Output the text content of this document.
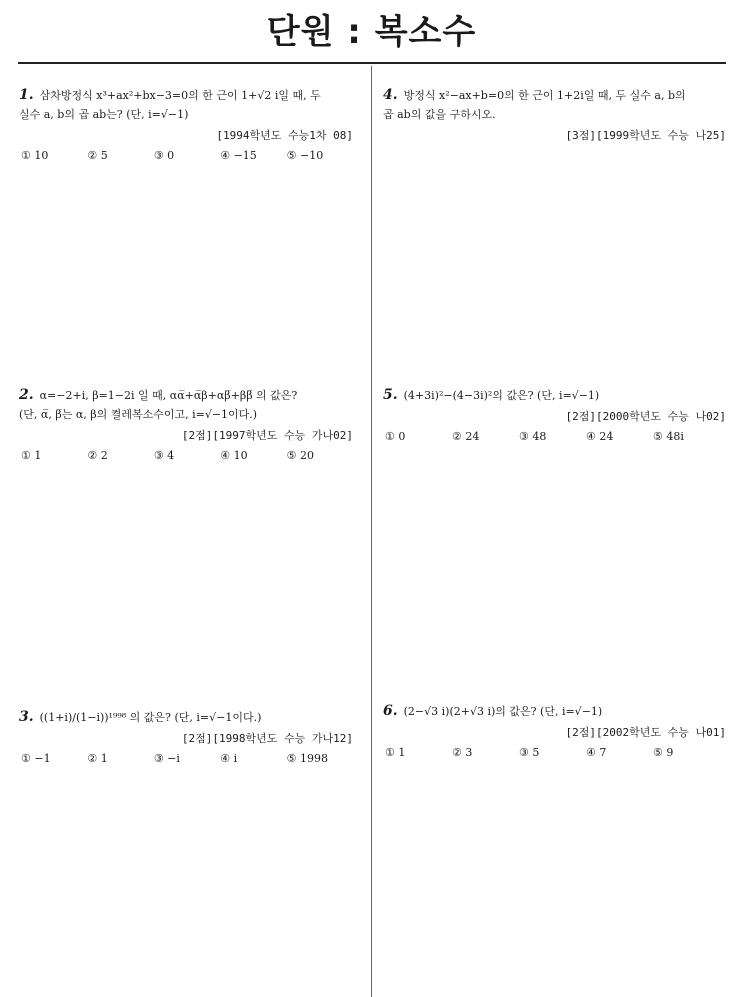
단원 : 복소수
1. 삼차방정식 x³+ax²+bx−3=0의 한 근이 1+√2 i일 때, 두
실수 a, b의 곱 ab는? (단, i=√−1)
[1994학년도 수능1차 08]
① 10	② 5	③ 0	④ −15	⑤ −10
2. α=−2+i, β=1−2i 일 때, αα̅+α̅β+αβ̅+ββ̅ 의 값은?
(단, α̅, β̅는 α, β의 켤레복소수이고, i=√−1이다.)
[2점][1997학년도 수능 가나02]
① 1	② 2	③ 4	④ 10	⑤ 20
3. ((1+i)/(1−i))¹⁹⁹⁸ 의 값은? (단, i=√−1이다.)
[2점][1998학년도 수능 가나12]
① −1	② 1	③ −i	④ i	⑤ 1998
4. 방정식 x²−ax+b=0의 한 근이 1+2i일 때, 두 실수 a, b의
곱 ab의 값을 구하시오.
[3점][1999학년도 수능 나25]
5. (4+3i)²−(4−3i)²의 값은? (단, i=√−1)
[2점][2000학년도 수능 나02]
① 0	② 24	③ 48	④ 24	⑤ 48i
6. (2−√3 i)(2+√3 i)의 값은? (단, i=√−1)
[2점][2002학년도 수능 나01]
① 1	② 3	③ 5	④ 7	⑤ 9
